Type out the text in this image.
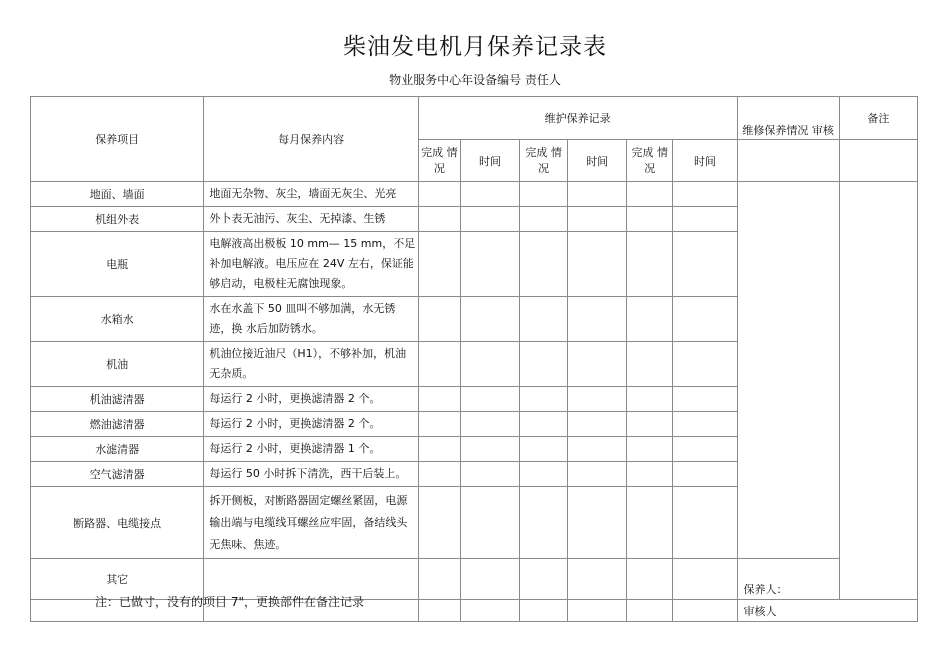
柴油发电机月保养记录表
物业服务中心年设备编号 责任人
保养项目	每月保养内容	维护保养记录						维修保养情况 审核	备注
		完成 情况	时间	完成 情况	时间	完成 情况	时间		
地面、墙面	地面无杂物、灰尘，墙面无灰尘、光亮								
机组外表	外卜表无油污、灰尘、无掉漆、生锈								
电瓶	电解液高出极板 10 mm— 15 mm，不足补加电解液。电压应在 24V 左右，保证能够启动，电极柱无腐蚀现象。								
水箱水	水在水盖下 50 皿叫不够加满，水无锈迹，换 水后加防锈水。								
机油	机油位接近油尺（H1），不够补加，机油无杂质。								
机油滤清器	每运行 2 小时，更换滤清器 2 个。								
燃油滤清器	每运行 2 小时，更换滤清器 2 个。								
水滤清器	每运行 2 小时，更换滤清器 1 个。								
空气滤清器	每运行 50 小时拆下清洗，西干后装上。								
断路器、电缆接点	拆开侧板，对断路器固定螺丝紧固，电源输出端与电缆线耳螺丝应牢固，备结线头无焦味、焦迹。								
其它								保养人：	
								审核人	
注：已做寸，没有的项目 7"，更换部件在备注记录
